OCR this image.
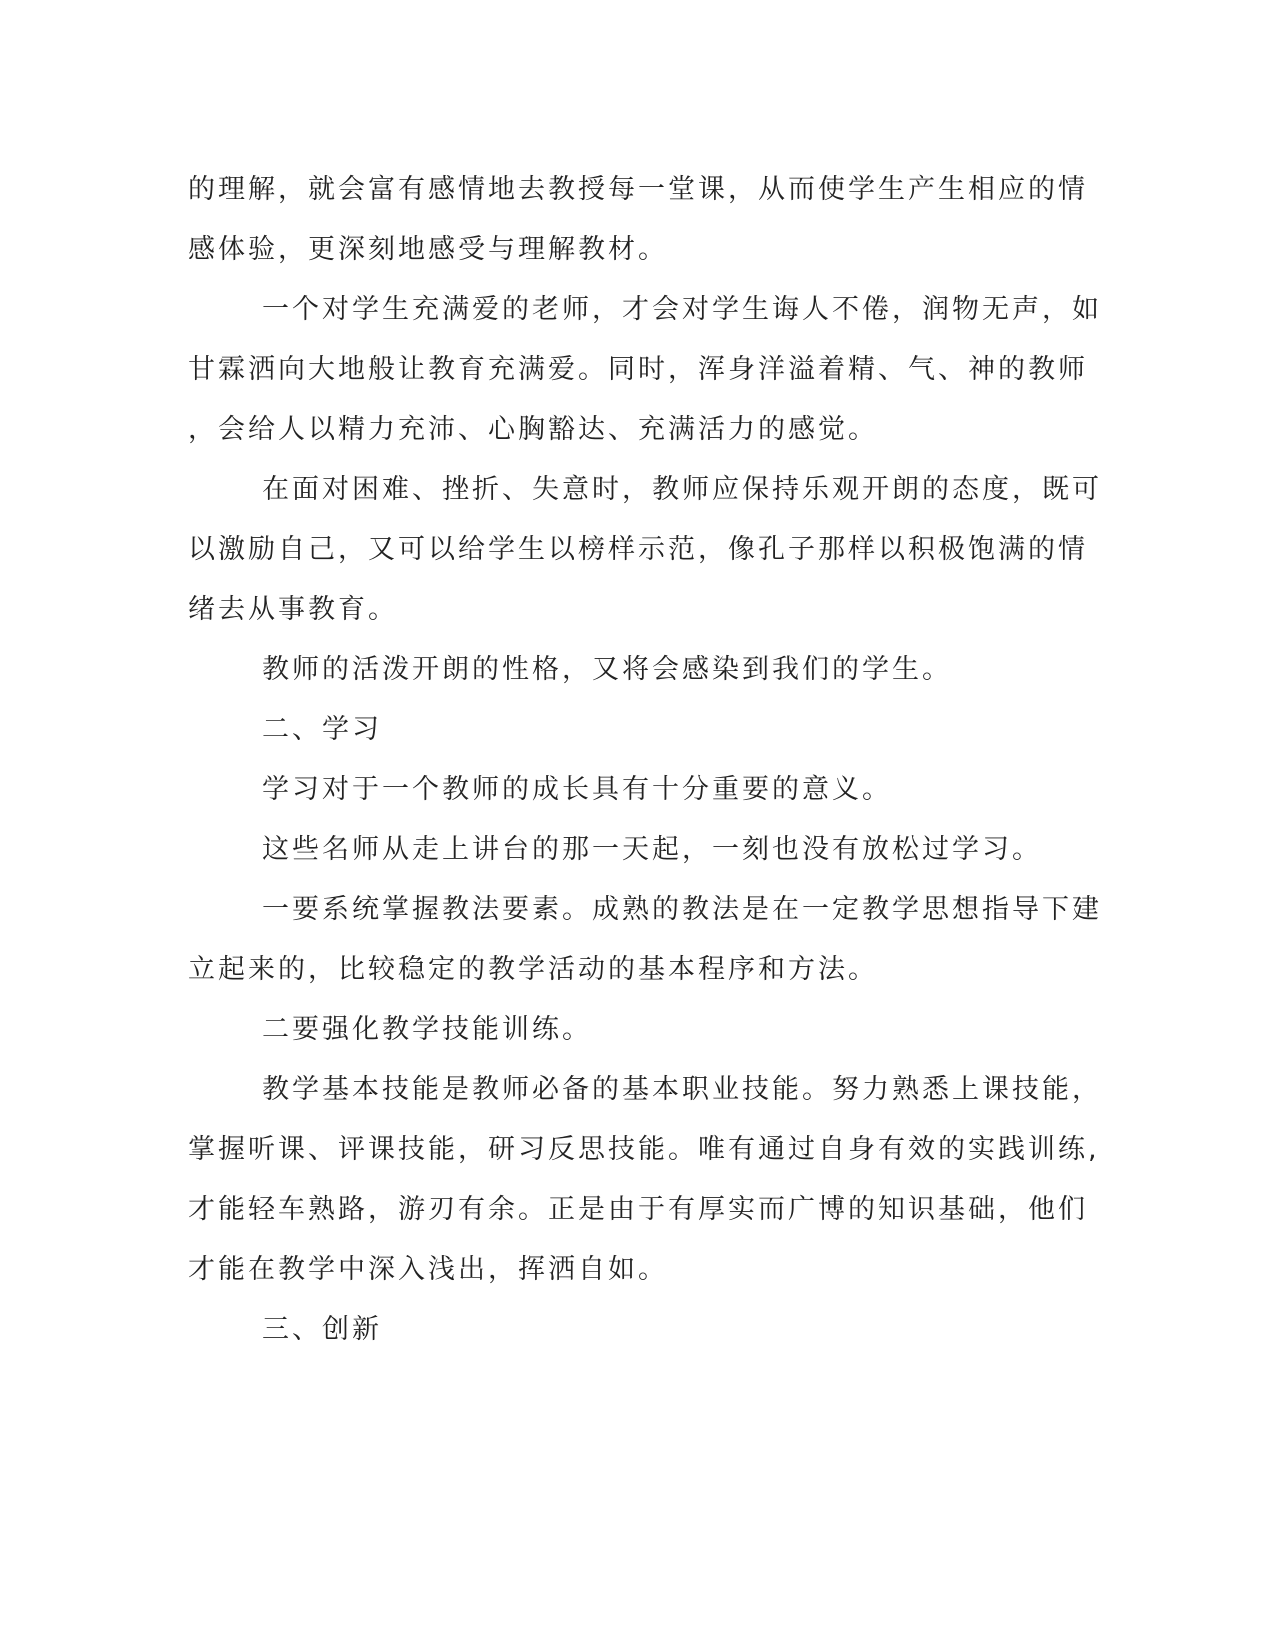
的理解，就会富有感情地去教授每一堂课，从而使学生产生相应的情
感体验，更深刻地感受与理解教材。
一个对学生充满爱的老师，才会对学生诲人不倦，润物无声，如
甘霖洒向大地般让教育充满爱。同时，浑身洋溢着精、气、神的教师
，会给人以精力充沛、心胸豁达、充满活力的感觉。
在面对困难、挫折、失意时，教师应保持乐观开朗的态度，既可
以激励自己，又可以给学生以榜样示范，像孔子那样以积极饱满的情
绪去从事教育。
教师的活泼开朗的性格，又将会感染到我们的学生。
二、学习
学习对于一个教师的成长具有十分重要的意义。
这些名师从走上讲台的那一天起，一刻也没有放松过学习。
一要系统掌握教法要素。成熟的教法是在一定教学思想指导下建
立起来的，比较稳定的教学活动的基本程序和方法。
二要强化教学技能训练。
教学基本技能是教师必备的基本职业技能。努力熟悉上课技能，
掌握听课、评课技能，研习反思技能。唯有通过自身有效的实践训练,
才能轻车熟路，游刃有余。正是由于有厚实而广博的知识基础，他们
才能在教学中深入浅出，挥洒自如。
三、创新
